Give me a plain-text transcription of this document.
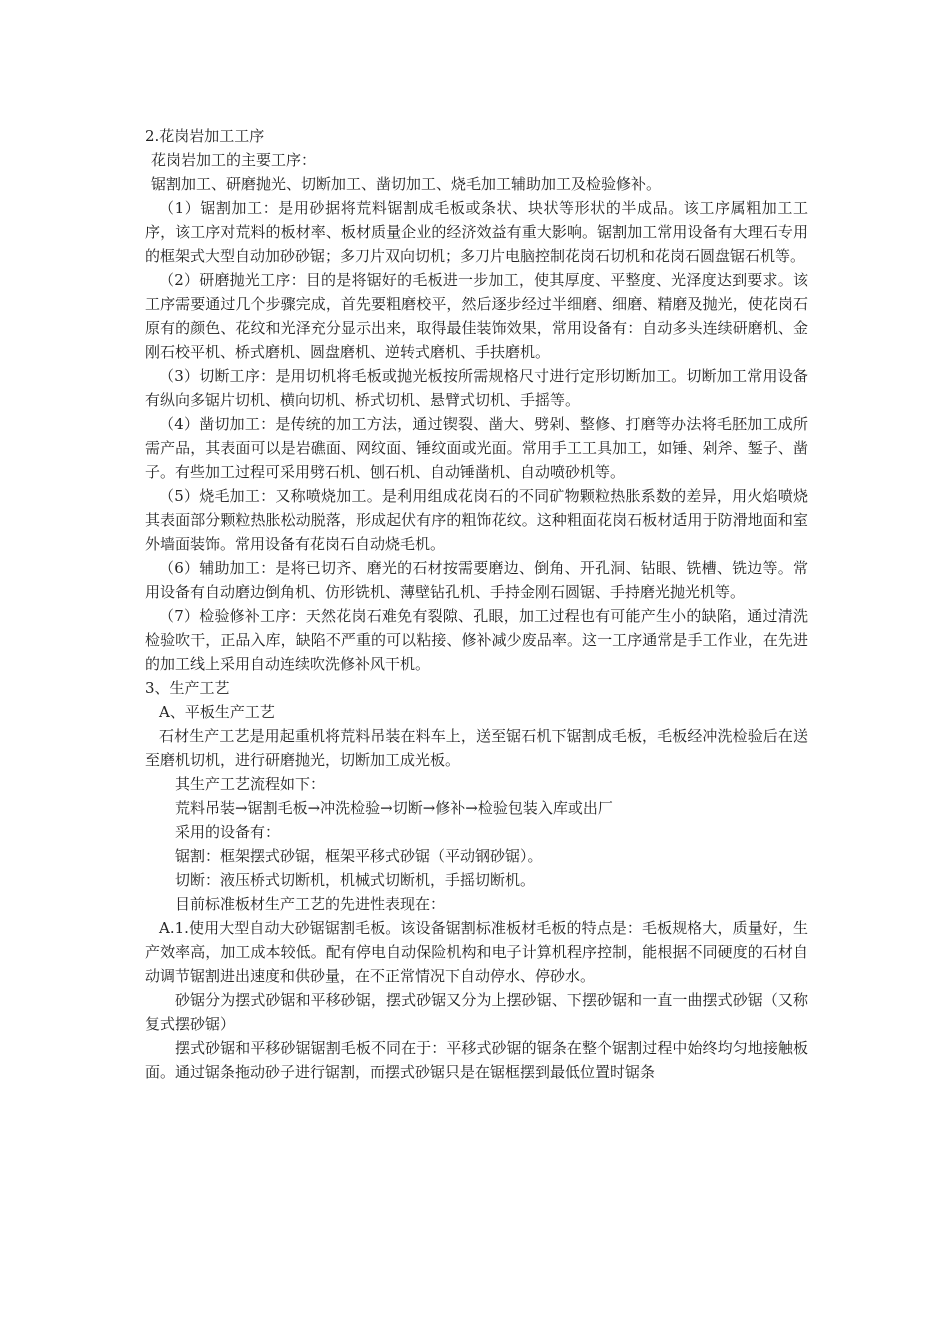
2.花岗岩加工工序

花岗岩加工的主要工序：

锯割加工、研磨抛光、切断加工、凿切加工、烧毛加工辅助加工及检验修补。

（1）锯割加工：是用砂据将荒料锯割成毛板或条状、块状等形状的半成品。该工序属粗加工工序，该工序对荒料的板材率、板材质量企业的经济效益有重大影响。锯割加工常用设备有大理石专用的框架式大型自动加砂砂锯；多刀片双向切机；多刀片电脑控制花岗石切机和花岗石圆盘锯石机等。

（2）研磨抛光工序：目的是将锯好的毛板进一步加工，使其厚度、平整度、光泽度达到要求。该工序需要通过几个步骤完成，首先要粗磨校平，然后逐步经过半细磨、细磨、精磨及抛光，使花岗石原有的颜色、花纹和光泽充分显示出来，取得最佳装饰效果，常用设备有：自动多头连续研磨机、金刚石校平机、桥式磨机、圆盘磨机、逆转式磨机、手扶磨机。

（3）切断工序：是用切机将毛板或抛光板按所需规格尺寸进行定形切断加工。切断加工常用设备有纵向多锯片切机、横向切机、桥式切机、悬臂式切机、手摇等。

（4）凿切加工：是传统的加工方法，通过锲裂、凿大、劈剁、整修、打磨等办法将毛胚加工成所需产品，其表面可以是岩礁面、网纹面、锤纹面或光面。常用手工工具加工，如锤、剁斧、錾子、凿子。有些加工过程可采用劈石机、刨石机、自动锤凿机、自动喷砂机等。

（5）烧毛加工：又称喷烧加工。是利用组成花岗石的不同矿物颗粒热胀系数的差异，用火焰喷烧其表面部分颗粒热胀松动脱落，形成起伏有序的粗饰花纹。这种粗面花岗石板材适用于防滑地面和室外墙面装饰。常用设备有花岗石自动烧毛机。

（6）辅助加工：是将已切齐、磨光的石材按需要磨边、倒角、开孔洞、钻眼、铣槽、铣边等。常用设备有自动磨边倒角机、仿形铣机、薄壁钻孔机、手持金刚石圆锯、手持磨光抛光机等。

（7）检验修补工序：天然花岗石难免有裂隙、孔眼，加工过程也有可能产生小的缺陷，通过清洗检验吹干，正品入库，缺陷不严重的可以粘接、修补减少废品率。这一工序通常是手工作业，在先进的加工线上采用自动连续吹洗修补风干机。

3、生产工艺

A、平板生产工艺

石材生产工艺是用起重机将荒料吊装在料车上，送至锯石机下锯割成毛板，毛板经冲洗检验后在送至磨机切机，进行研磨抛光，切断加工成光板。

其生产工艺流程如下：

荒料吊装→锯割毛板→冲洗检验→切断→修补→检验包装入库或出厂

采用的设备有：

锯割：框架摆式砂锯，框架平移式砂锯（平动钢砂锯）。

切断：液压桥式切断机，机械式切断机，手摇切断机。

目前标准板材生产工艺的先进性表现在：

A.1.使用大型自动大砂锯锯割毛板。该设备锯割标准板材毛板的特点是：毛板规格大，质量好，生产效率高，加工成本较低。配有停电自动保险机构和电子计算机程序控制，能根据不同硬度的石材自动调节锯割进出速度和供砂量，在不正常情况下自动停水、停砂水。

砂锯分为摆式砂锯和平移砂锯，摆式砂锯又分为上摆砂锯、下摆砂锯和一直一曲摆式砂锯（又称复式摆砂锯）

摆式砂锯和平移砂锯锯割毛板不同在于：平移式砂锯的锯条在整个锯割过程中始终均匀地接触板面。通过锯条拖动砂子进行锯割，而摆式砂锯只是在锯框摆到最低位置时锯条
